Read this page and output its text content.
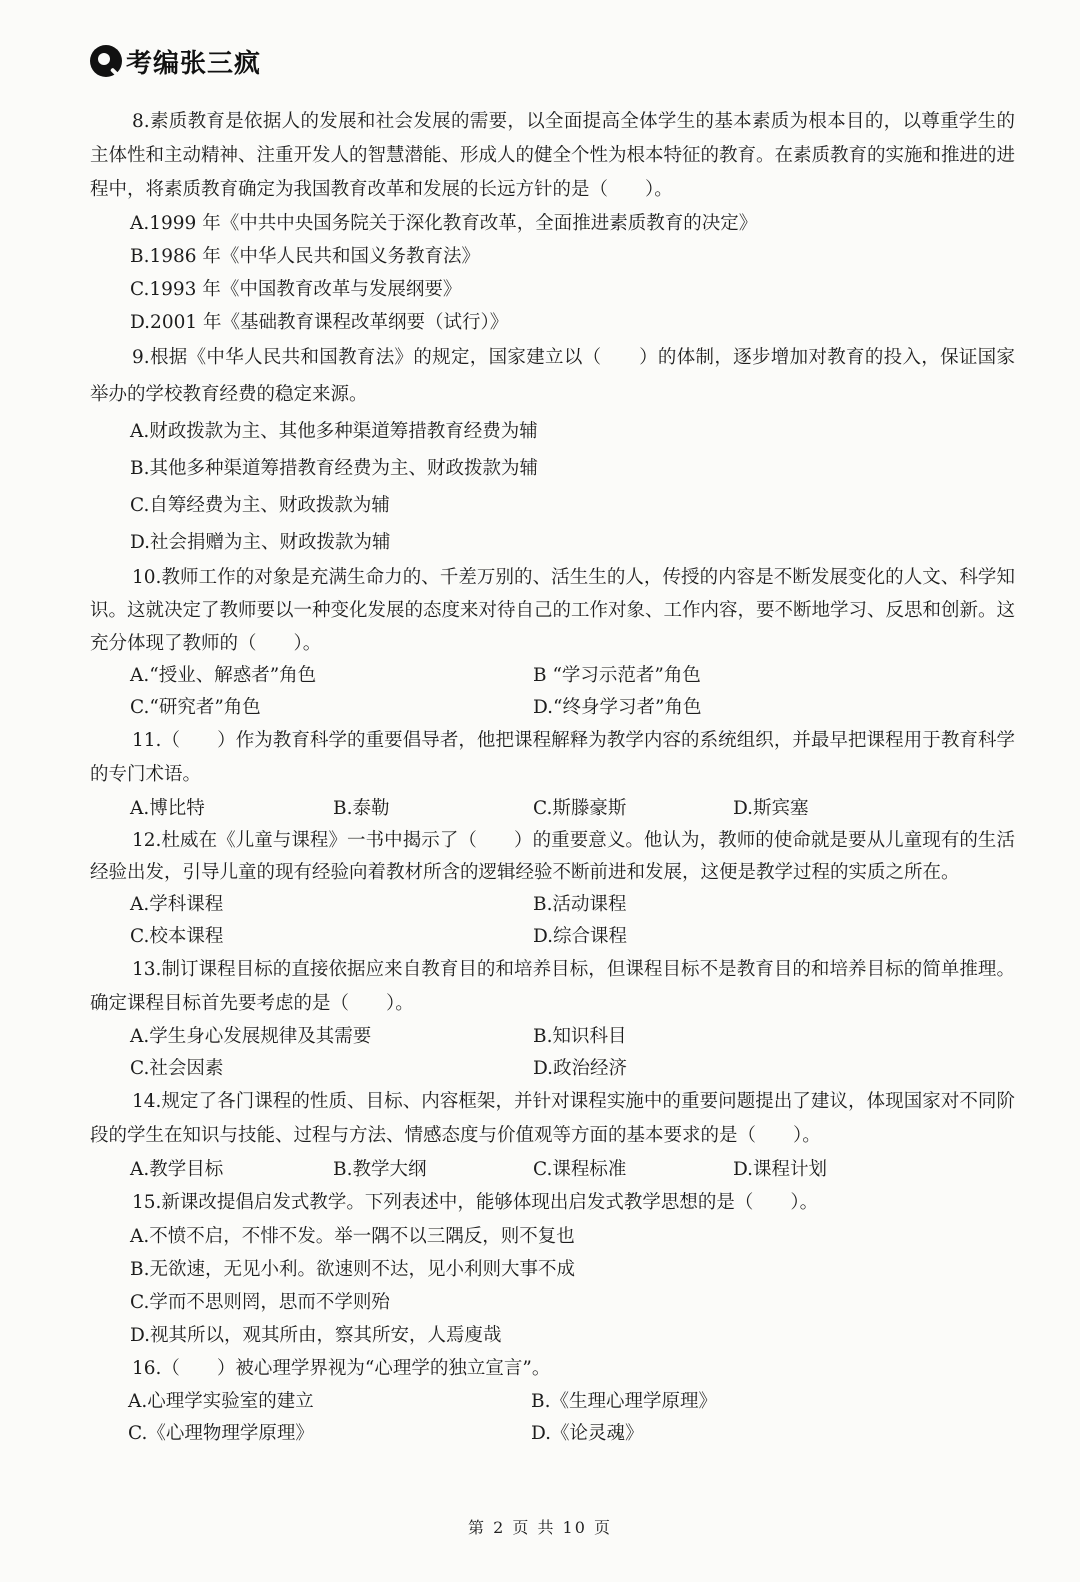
考编张三疯

8.素质教育是依据人的发展和社会发展的需要，以全面提高全体学生的基本素质为根本目的，以尊重学生的主体性和主动精神、注重开发人的智慧潜能、形成人的健全个性为根本特征的教育。在素质教育的实施和推进的进程中，将素质教育确定为我国教育改革和发展的长远方针的是（　　）。

A.1999 年《中共中央国务院关于深化教育改革，全面推进素质教育的决定》

B.1986 年《中华人民共和国义务教育法》

C.1993 年《中国教育改革与发展纲要》

D.2001 年《基础教育课程改革纲要（试行）》

9.根据《中华人民共和国教育法》的规定，国家建立以（　　）的体制，逐步增加对教育的投入，保证国家举办的学校教育经费的稳定来源。

A.财政拨款为主、其他多种渠道筹措教育经费为辅

B.其他多种渠道筹措教育经费为主、财政拨款为辅

C.自筹经费为主、财政拨款为辅

D.社会捐赠为主、财政拨款为辅

10.教师工作的对象是充满生命力的、千差万别的、活生生的人，传授的内容是不断发展变化的人文、科学知识。这就决定了教师要以一种变化发展的态度来对待自己的工作对象、工作内容，要不断地学习、反思和创新。这充分体现了教师的（　　）。

A.“授业、解惑者”角色	B “学习示范者”角色
C.“研究者”角色	D.“终身学习者”角色

11.（　　）作为教育科学的重要倡导者，他把课程解释为教学内容的系统组织，并最早把课程用于教育科学的专门术语。

A.博比特	B.泰勒	C.斯滕豪斯	D.斯宾塞

12.杜威在《儿童与课程》一书中揭示了（　　）的重要意义。他认为，教师的使命就是要从儿童现有的生活经验出发，引导儿童的现有经验向着教材所含的逻辑经验不断前进和发展，这便是教学过程的实质之所在。

A.学科课程	B.活动课程
C.校本课程	D.综合课程

13.制订课程目标的直接依据应来自教育目的和培养目标，但课程目标不是教育目的和培养目标的简单推理。确定课程目标首先要考虑的是（　　）。

A.学生身心发展规律及其需要	B.知识科目
C.社会因素	D.政治经济

14.规定了各门课程的性质、目标、内容框架，并针对课程实施中的重要问题提出了建议，体现国家对不同阶段的学生在知识与技能、过程与方法、情感态度与价值观等方面的基本要求的是（　　）。

A.教学目标	B.教学大纲	C.课程标准	D.课程计划

15.新课改提倡启发式教学。下列表述中，能够体现出启发式教学思想的是（　　）。

A.不愤不启，不悱不发。举一隅不以三隅反，则不复也

B.无欲速，无见小利。欲速则不达，见小利则大事不成

C.学而不思则罔，思而不学则殆

D.视其所以，观其所由，察其所安，人焉廋哉

16.（　　）被心理学界视为“心理学的独立宣言”。

A.心理学实验室的建立	B.《生理心理学原理》
C.《心理物理学原理》	D.《论灵魂》
第 2 页 共 10 页
